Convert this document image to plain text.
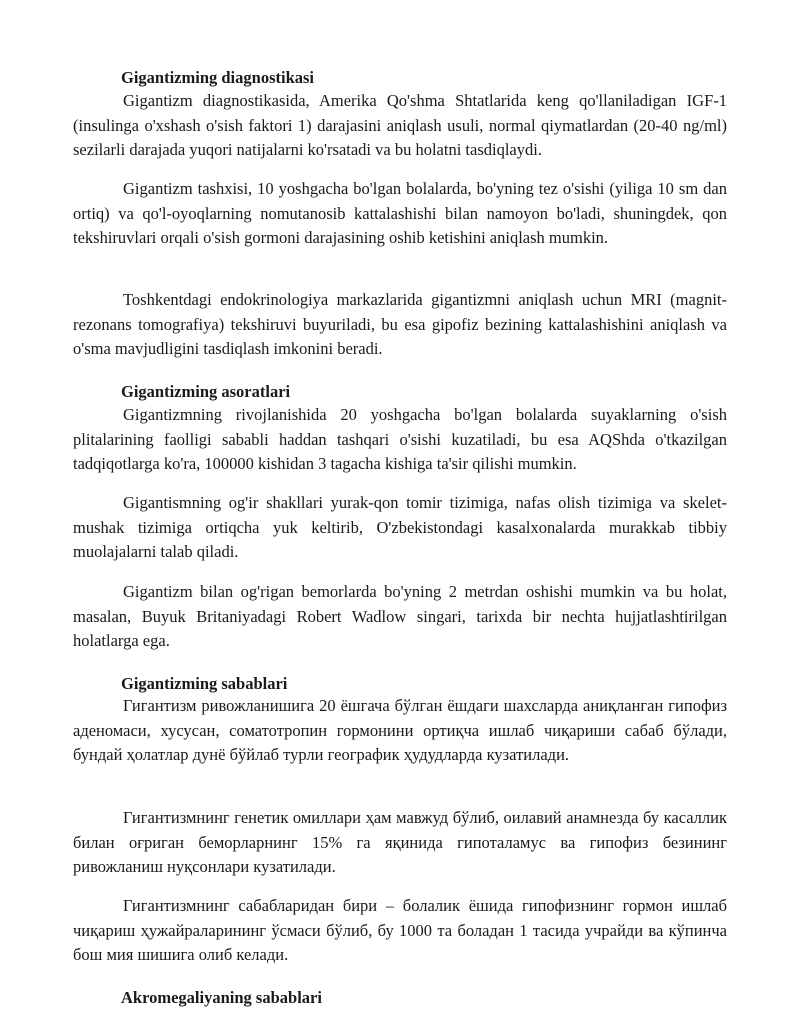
Gigantizming diagnostikasi

Gigantizm diagnostikasida, Amerika Qo'shma Shtatlarida keng qo'llaniladigan IGF-1 (insulinga o'xshash o'sish faktori 1) darajasini aniqlash usuli, normal qiymatlardan (20-40 ng/ml) sezilarli darajada yuqori natijalarni ko'rsatadi va bu holatni tasdiqlaydi.

Gigantizm tashxisi, 10 yoshgacha bo'lgan bolalarda, bo'yning tez o'sishi (yiliga 10 sm dan ortiq) va qo'l-oyoqlarning nomutanosib kattalashishi bilan namoyon bo'ladi, shuningdek, qon tekshiruvlari orqali o'sish gormoni darajasining oshib ketishini aniqlash mumkin.

Toshkentdagi endokrinologiya markazlarida gigantizmni aniqlash uchun MRI (magnit-rezonans tomografiya) tekshiruvi buyuriladi, bu esa gipofiz bezining kattalashishini aniqlash va o'sma mavjudligini tasdiqlash imkonini beradi.

Gigantizming asoratlari

Gigantizmning rivojlanishida 20 yoshgacha bo'lgan bolalarda suyaklarning o'sish plitalarining faolligi sababli haddan tashqari o'sishi kuzatiladi, bu esa AQShda o'tkazilgan tadqiqotlarga ko'ra, 100000 kishidan 3 tagacha kishiga ta'sir qilishi mumkin.

Gigantismning og'ir shakllari yurak-qon tomir tizimiga, nafas olish tizimiga va skelet-mushak tizimiga ortiqcha yuk keltirib, O'zbekistondagi kasalxonalarda murakkab tibbiy muolajalarni talab qiladi.

Gigantizm bilan og'rigan bemorlarda bo'yning 2 metrdan oshishi mumkin va bu holat, masalan, Buyuk Britaniyadagi Robert Wadlow singari, tarixda bir nechta hujjatlashtirilgan holatlarga ega.

Gigantizming sabablari

Гигантизм ривожланишига 20 ёшгача бўлган ёшдаги шахсларда аниқланган гипофиз аденомаси, хусусан, соматотропин гормонини ортиқча ишлаб чиқариши сабаб бўлади, бундай ҳолатлар дунё бўйлаб турли географик ҳудудларда кузатилади.

Гигантизмнинг генетик омиллари ҳам мавжуд бўлиб, оилавий анамнезда бу касаллик билан оғриган беморларнинг 15% га яқинида гипоталамус ва гипофиз безининг ривожланиш нуқсонлари кузатилади.

Гигантизмнинг сабабларидан бири – болалик ёшида гипофизнинг гормон ишлаб чиқариш ҳужайраларининг ўсмаси бўлиб, бу 1000 та боладан 1 тасида учрайди ва кўпинча бош мия шишига олиб келади.

Akromegaliyaning sabablari
